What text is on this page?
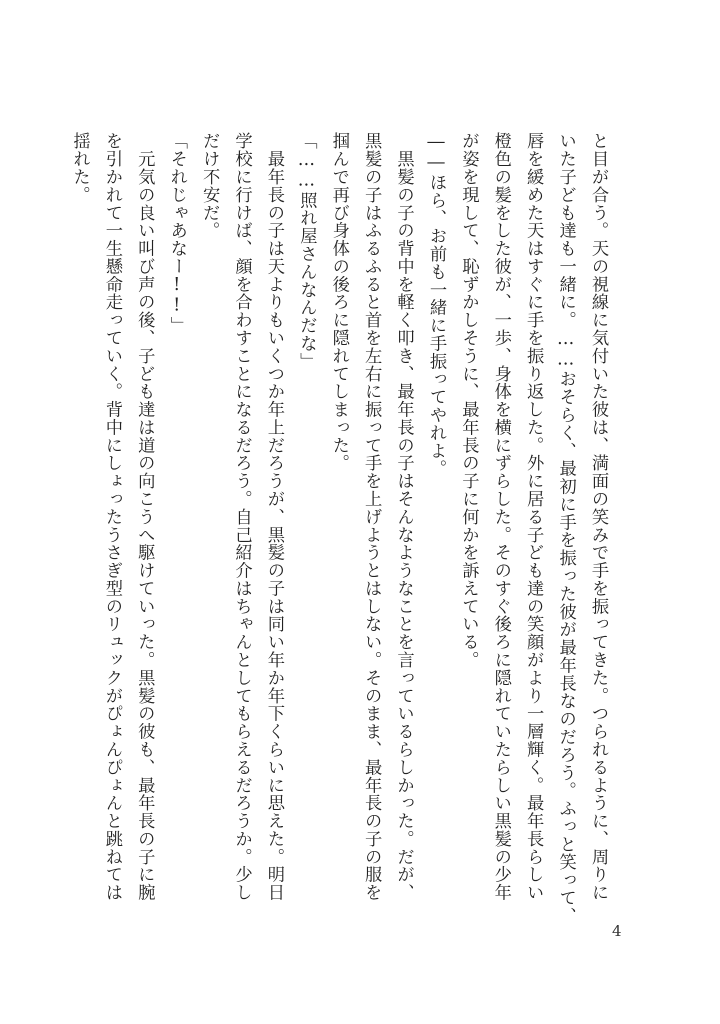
と目が合う。天の視線に気付いた彼は、満面の笑みで手を振ってきた。つられるように、周りに
いた子ども達も一緒に。……おそらく、最初に手を振った彼が最年長なのだろう。ふっと笑って、
唇を緩めた天はすぐに手を振り返した。外に居る子ども達の笑顔がより一層輝く。最年長らしい
橙色の髪をした彼が、一歩、身体を横にずらした。そのすぐ後ろに隠れていたらしい黒髪の少年
が姿を現して、恥ずかしそうに、最年長の子に何かを訴えている。
――ほら、お前も一緒に手振ってやれよ。
　黒髪の子の背中を軽く叩き、最年長の子はそんなようなことを言っているらしかった。だが、
黒髪の子はふるふると首を左右に振って手を上げようとはしない。そのまま、最年長の子の服を
掴んで再び身体の後ろに隠れてしまった。
「……照れ屋さんなんだな」
　最年長の子は天よりもいくつか年上だろうが、黒髪の子は同い年か年下くらいに思えた。明日
学校に行けば、顔を合わすことになるだろう。自己紹介はちゃんとしてもらえるだろうか。少し
だけ不安だ。
「それじゃあなー!!」
　元気の良い叫び声の後、子ども達は道の向こうへ駆けていった。黒髪の彼も、最年長の子に腕
を引かれて一生懸命走っていく。背中にしょったうさぎ型のリュックがぴょんぴょんと跳ねては
揺れた。
4
